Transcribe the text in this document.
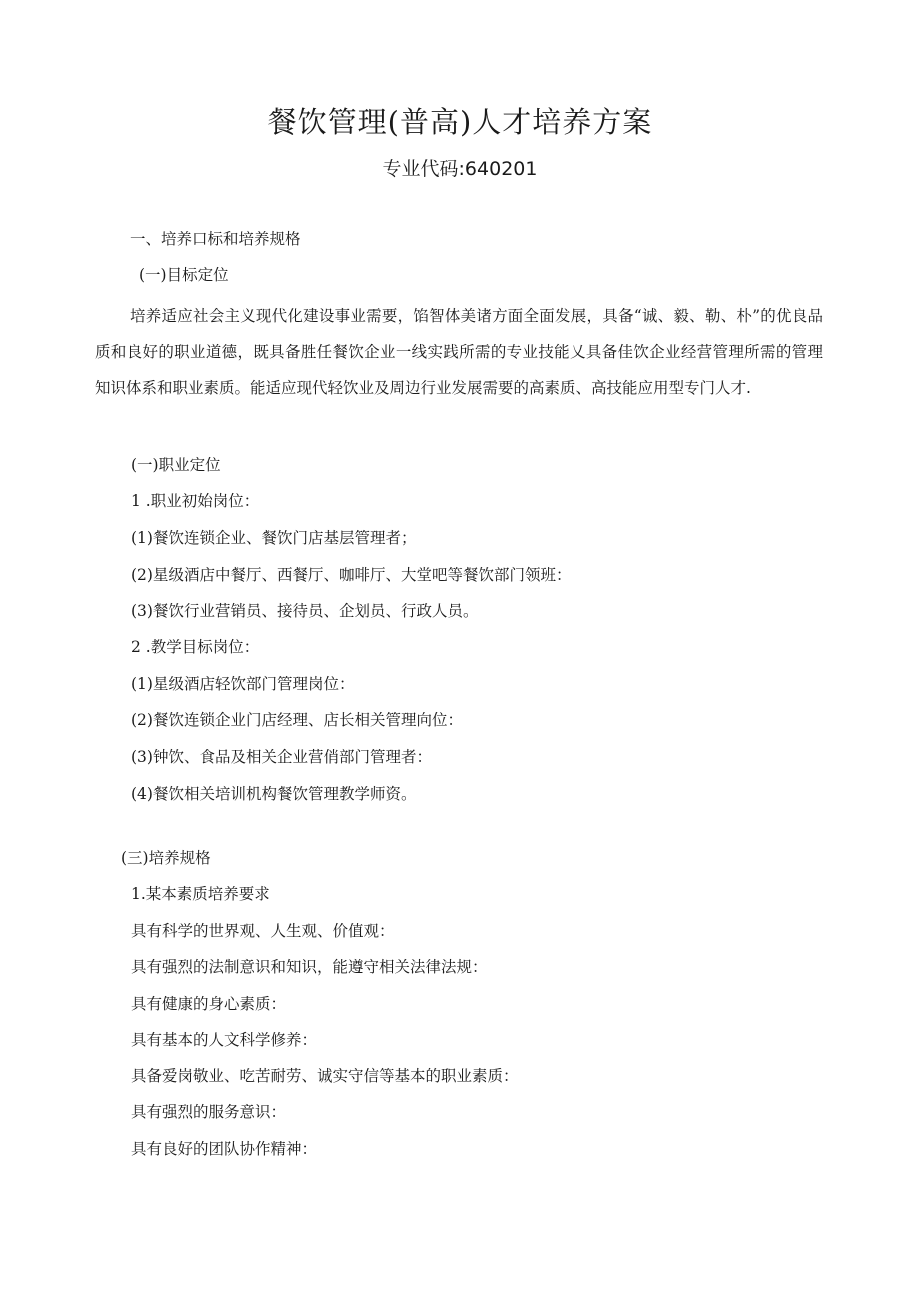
餐饮管理(普高)人才培养方案

专业代码:640201

一、培养口标和培养规格

(一)目标定位

培养适应社会主义现代化建设事业需要，馅智体美诸方面全面发展，具备“诚、毅、勒、朴”的优良品质和良好的职业道德，既具备胜任餐饮企业一线实践所需的专业技能乂具备佳饮企业经营管理所需的管理知识体系和职业素质。能适应现代轻饮业及周边行业发展需要的高素质、高技能应用型专门人才.

(一)职业定位

1 .职业初始岗位：

(1)餐饮连锁企业、餐饮门店基层管理者；

(2)星级酒店中餐厅、西餐厅、咖啡厅、大堂吧等餐饮部门领班：

(3)餐饮行业营销员、接待员、企划员、行政人员。

2 .教学目标岗位：

(1)星级酒店轻饮部门管理岗位：

(2)餐饮连锁企业门店经理、店长相关管理向位：

(3)钟饮、食品及相关企业营俏部门管理者：

(4)餐饮相关培训机构餐饮管理教学师资。

(三)培养规格

1.某本素质培养要求

具有科学的世界观、人生观、价值观：

具有强烈的法制意识和知识，能遵守相关法律法规：

具有健康的身心素质：

具有基本的人文科学修养：

具备爱岗敬业、吃苦耐劳、诚实守信等基本的职业素质：

具有强烈的服务意识：

具有良好的团队协作精神：
